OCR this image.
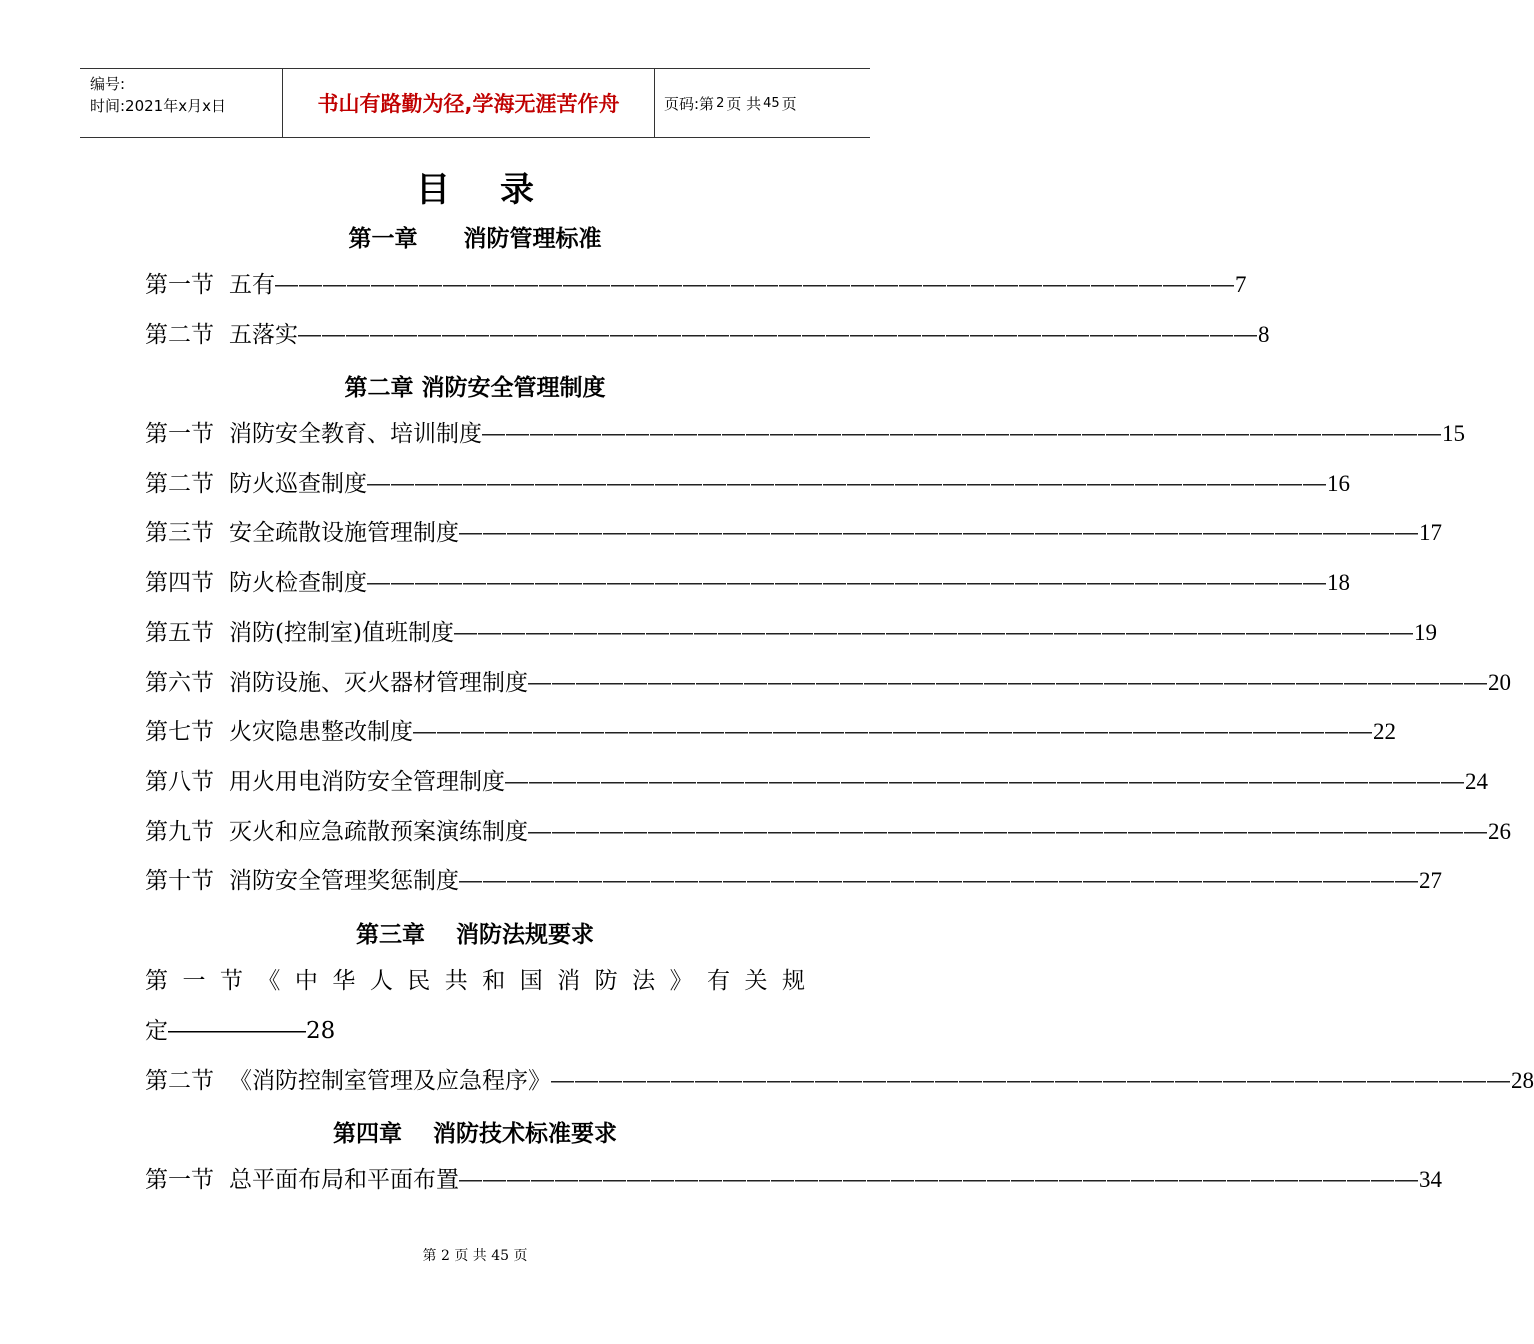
编号:
时间:2021年x月x日	书山有路勤为径,学海无涯苦作舟	页码:第 2 页 共 45 页
目录
第一章　　消防管理标准
第一节 五有 ―――――――――――――――――――――――――――――――――――――――― 7
第二节 五落实 ―――――――――――――――――――――――――――――――――――――――― 8
第二章 消防安全管理制度
第一节 消防安全教育、培训制度 ―――――――――――――――――――――――――――――――――――――――― 15
第二节 防火巡查制度 ―――――――――――――――――――――――――――――――――――――――― 16
第三节 安全疏散设施管理制度 ―――――――――――――――――――――――――――――――――――――――― 17
第四节 防火检查制度 ―――――――――――――――――――――――――――――――――――――――― 18
第五节 消防(控制室)值班制度 ―――――――――――――――――――――――――――――――――――――――― 19
第六节 消防设施、灭火器材管理制度 ―――――――――――――――――――――――――――――――――――――――― 20
第七节 火灾隐患整改制度 ―――――――――――――――――――――――――――――――――――――――― 22
第八节 用火用电消防安全管理制度 ―――――――――――――――――――――――――――――――――――――――― 24
第九节 灭火和应急疏散预案演练制度 ―――――――――――――――――――――――――――――――――――――――― 26
第十节 消防安全管理奖惩制度 ―――――――――――――――――――――――――――――――――――――――― 27
第三章　 消防法规要求
第 一 节 《 中 华 人 民 共 和 国 消 防 法 》 有 关 规
定――――――28
第二节 《消防控制室管理及应急程序》 ―――――――――――――――――――――――――――――――――――――――― 28
第四章　 消防技术标准要求
第一节 总平面布局和平面布置 ―――――――――――――――――――――――――――――――――――――――― 34
第 2 页 共 45 页
